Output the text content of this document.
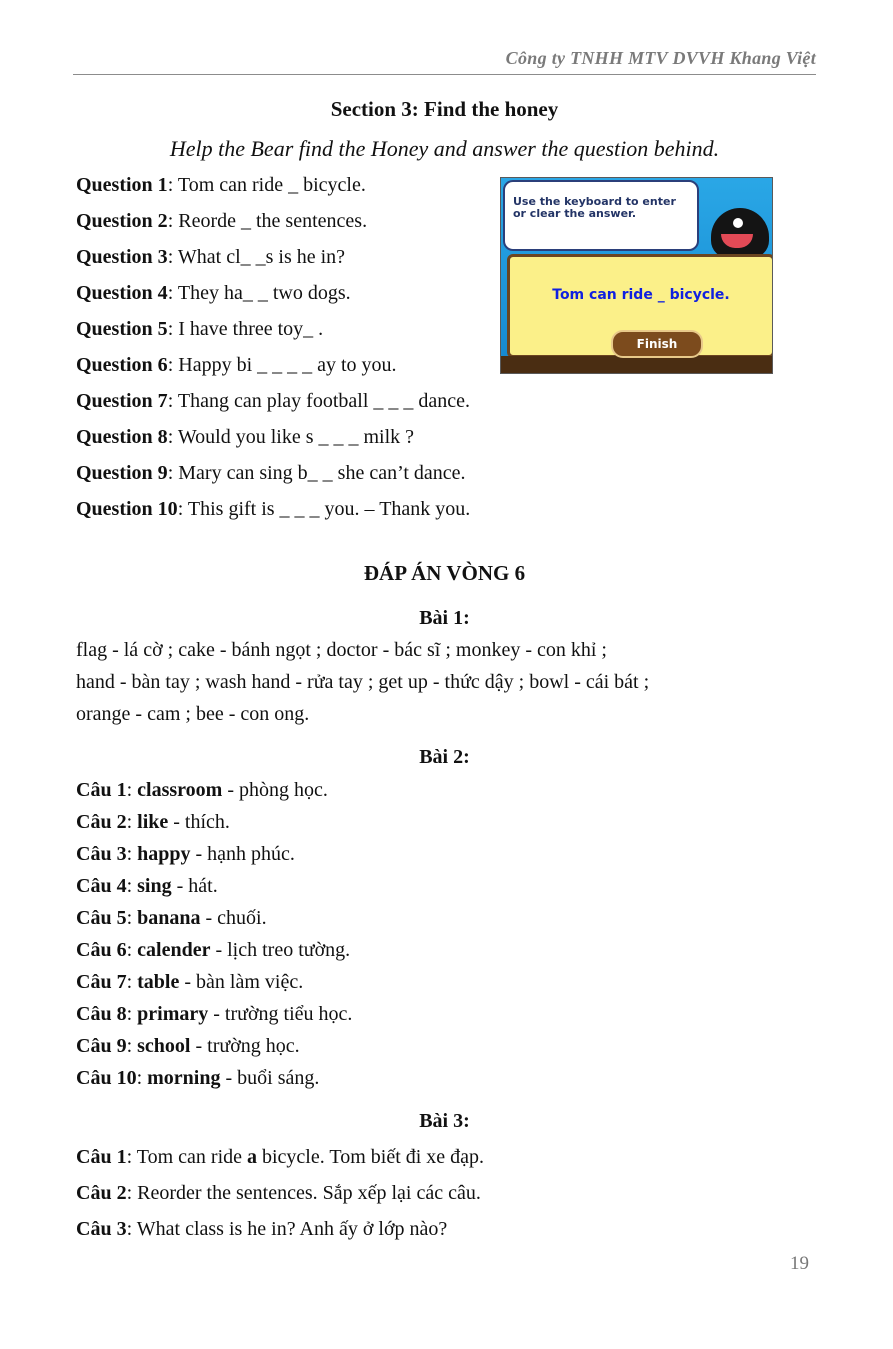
Công ty TNHH MTV DVVH Khang Việt
Section 3: Find the honey
Help the Bear find the Honey and answer the question behind.
Question 1: Tom can ride _ bicycle.
Question 2: Reorde _ the sentences.
Question 3: What cl_ _s is he in?
Question 4: They ha_ _ two dogs.
Question 5: I have three toy_ .
Question 6: Happy bi _ _ _ _ ay to you.
Question 7: Thang can play football _ _ _ dance.
Question 8: Would you like s _ _ _ milk ?
Question 9: Mary can sing b_ _ she can’t dance.
Question 10: This gift is _ _ _ you. – Thank you.
Use the keyboard to enter or clear the answer.
Tom can ride _ bicycle.
Finish
ĐÁP ÁN VÒNG 6
Bài 1:
flag - lá cờ ; cake - bánh ngọt ; doctor - bác sĩ ; monkey - con khỉ ;
hand - bàn tay ; wash hand - rửa tay ; get up - thức dậy ; bowl - cái bát ;
orange - cam ; bee - con ong.
Bài 2:
Câu 1: classroom - phòng học.
Câu 2: like - thích.
Câu 3: happy - hạnh phúc.
Câu 4: sing - hát.
Câu 5: banana - chuối.
Câu 6: calender - lịch treo tường.
Câu 7: table - bàn làm việc.
Câu 8: primary - trường tiểu học.
Câu 9: school - trường học.
Câu 10: morning - buổi sáng.
Bài 3:
Câu 1: Tom can ride a bicycle. Tom biết đi xe đạp.
Câu 2: Reorder the sentences. Sắp xếp lại các câu.
Câu 3: What class is he in? Anh ấy ở lớp nào?
19
